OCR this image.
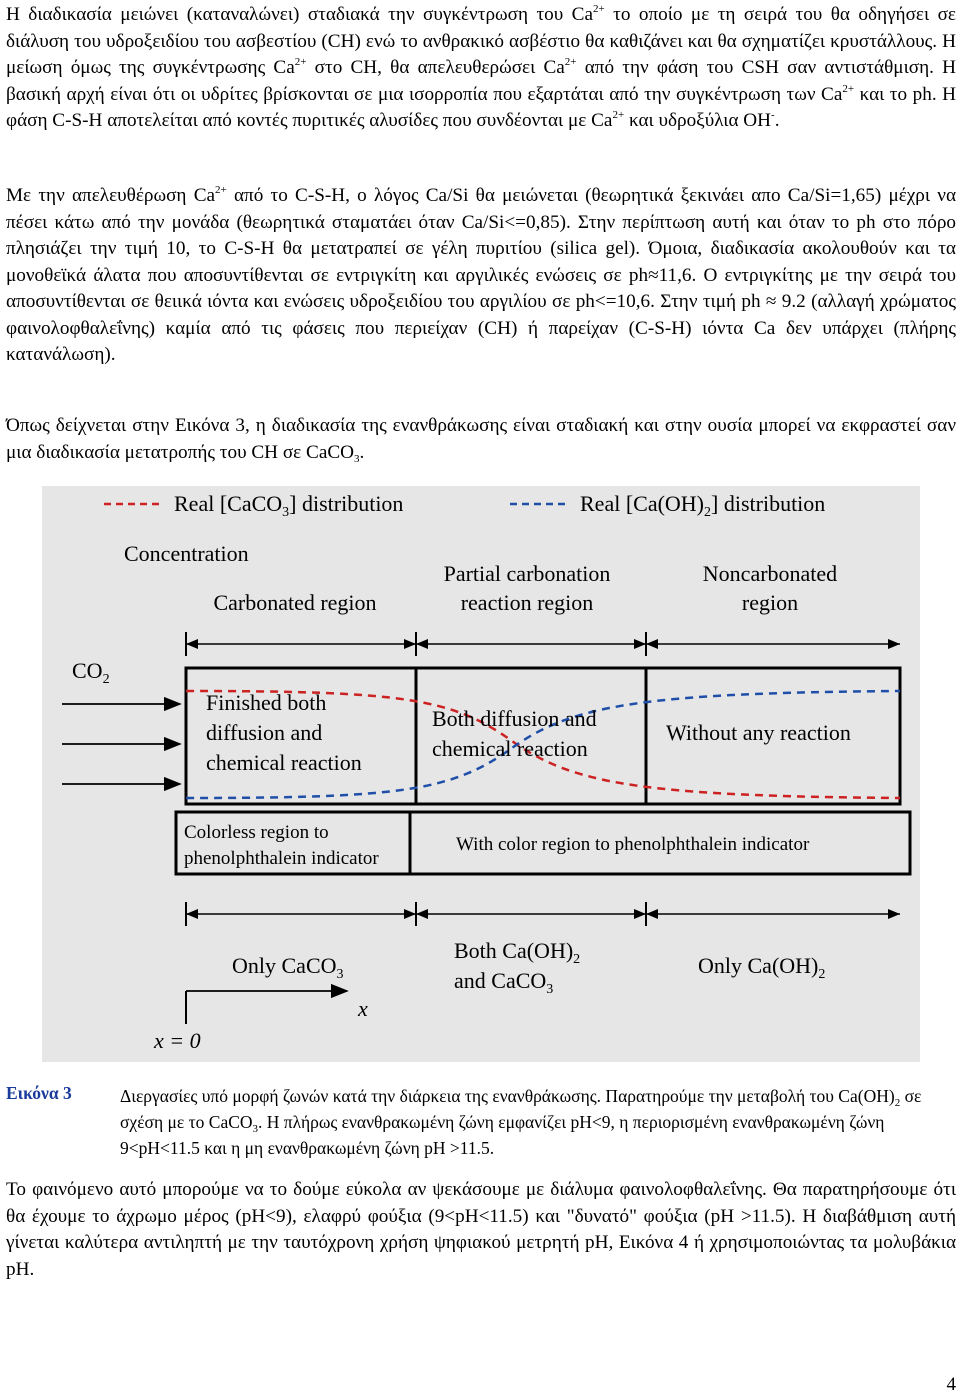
Η διαδικασία μειώνει (καταναλώνει) σταδιακά την συγκέντρωση του $Ca^{2+}$ το οποίο με τη σειρά του θα οδηγήσει σε διάλυση του υδροξειδίου του ασβεστίου (CH) ενώ το ανθρακικό ασβέστιο θα καθιζάνει και θα σχηματίζει κρυστάλλους. Η μείωση όμως της συγκέντρωσης $Ca^{2+}$ στο CH, θα απελευθερώσει $Ca^{2+}$ από την φάση του CSH σαν αντιστάθμιση. Η βασική αρχή είναι ότι οι υδρίτες βρίσκονται σε μια ισορροπία που εξαρτάται από την συγκέντρωση των $Ca^{2+}$ και το ph. Η φάση C-S-H αποτελείται από κοντές πυριτικές αλυσίδες που συνδέονται με $Ca^{2+}$ και υδροξύλια OH-.

Με την απελευθέρωση $Ca^{2+}$ από το C-S-H, ο λόγος Ca/Si θα μειώνεται (θεωρητικά ξεκινάει απο Ca/Si=1,65) μέχρι να πέσει κάτω από την μονάδα (θεωρητικά σταματάει όταν Ca/Si<=0,85). Στην περίπτωση αυτή και όταν το ph στο πόρο πλησιάζει την τιμή 10, το C-S-H θα μετατραπεί σε γέλη πυριτίου (silica gel). Όμοια, διαδικασία ακολουθούν και τα μονοθεϊκά άλατα που αποσυντίθενται σε εντριγκίτη και αργιλικές ενώσεις σε ph≈11,6. Ο εντριγκίτης με την σειρά του αποσυντίθενται σε θειικά ιόντα και ενώσεις υδροξειδίου του αργιλίου σε ph<=10,6. Στην τιμή ph ≈ 9.2 (αλλαγή χρώματος φαινολοφθαλεΐνης) καμία από τις φάσεις που περιείχαν (CH) ή παρείχαν (C-S-H) ιόντα Ca δεν υπάρχει (πλήρης κατανάλωση).

Όπως δείχνεται στην Εικόνα 3, η διαδικασία της ενανθράκωσης είναι σταδιακή και στην ουσία μπορεί να εκφραστεί σαν μια διαδικασία μετατροπής του CH σε CaCO$_3$.

Real [CaCO$_3$] distribution	Real $[Ca(OH)_2]$ distribution
Concentration
Carbonated region
Partial carbonation
reaction region
Noncarbonated
region
$CO_2$
Finished both
diffusion and
chemical reaction
Both diffusion and
chemical reaction
Without any reaction
Colorless region to
phenolphthalein indicator
With color region to phenolphthalein indicator
Only CaCO$_3$
Both $Ca(OH)_2$
and CaCO$_3$
Only $Ca(OH)_2$
x
x = 0
Εικόνα 3	Διεργασίες υπό μορφή ζωνών κατά την διάρκεια της ενανθράκωσης. Παρατηρούμε την μεταβολή του $Ca(OH)_2$ σε σχέση με το CaCO$_3$. Η πλήρως ενανθρακωμένη ζώνη εμφανίζει pH<9, η περιορισμένη ενανθρακωμένη ζώνη 9<pH<11.5 και η μη ενανθρακωμένη ζώνη pH >11.5.

Το φαινόμενο αυτό μπορούμε να το δούμε εύκολα αν ψεκάσουμε με διάλυμα φαινολοφθαλεΐνης. Θα παρατηρήσουμε ότι θα έχουμε το άχρωμο μέρος (pH<9), ελαφρύ φούξια (9<pH<11.5) και "δυνατό" φούξια (pH >11.5). Η διαβάθμιση αυτή γίνεται καλύτερα αντιληπτή με την ταυτόχρονη χρήση ψηφιακού μετρητή pH, Εικόνα 4 ή χρησιμοποιώντας τα μολυβάκια pH.

4
